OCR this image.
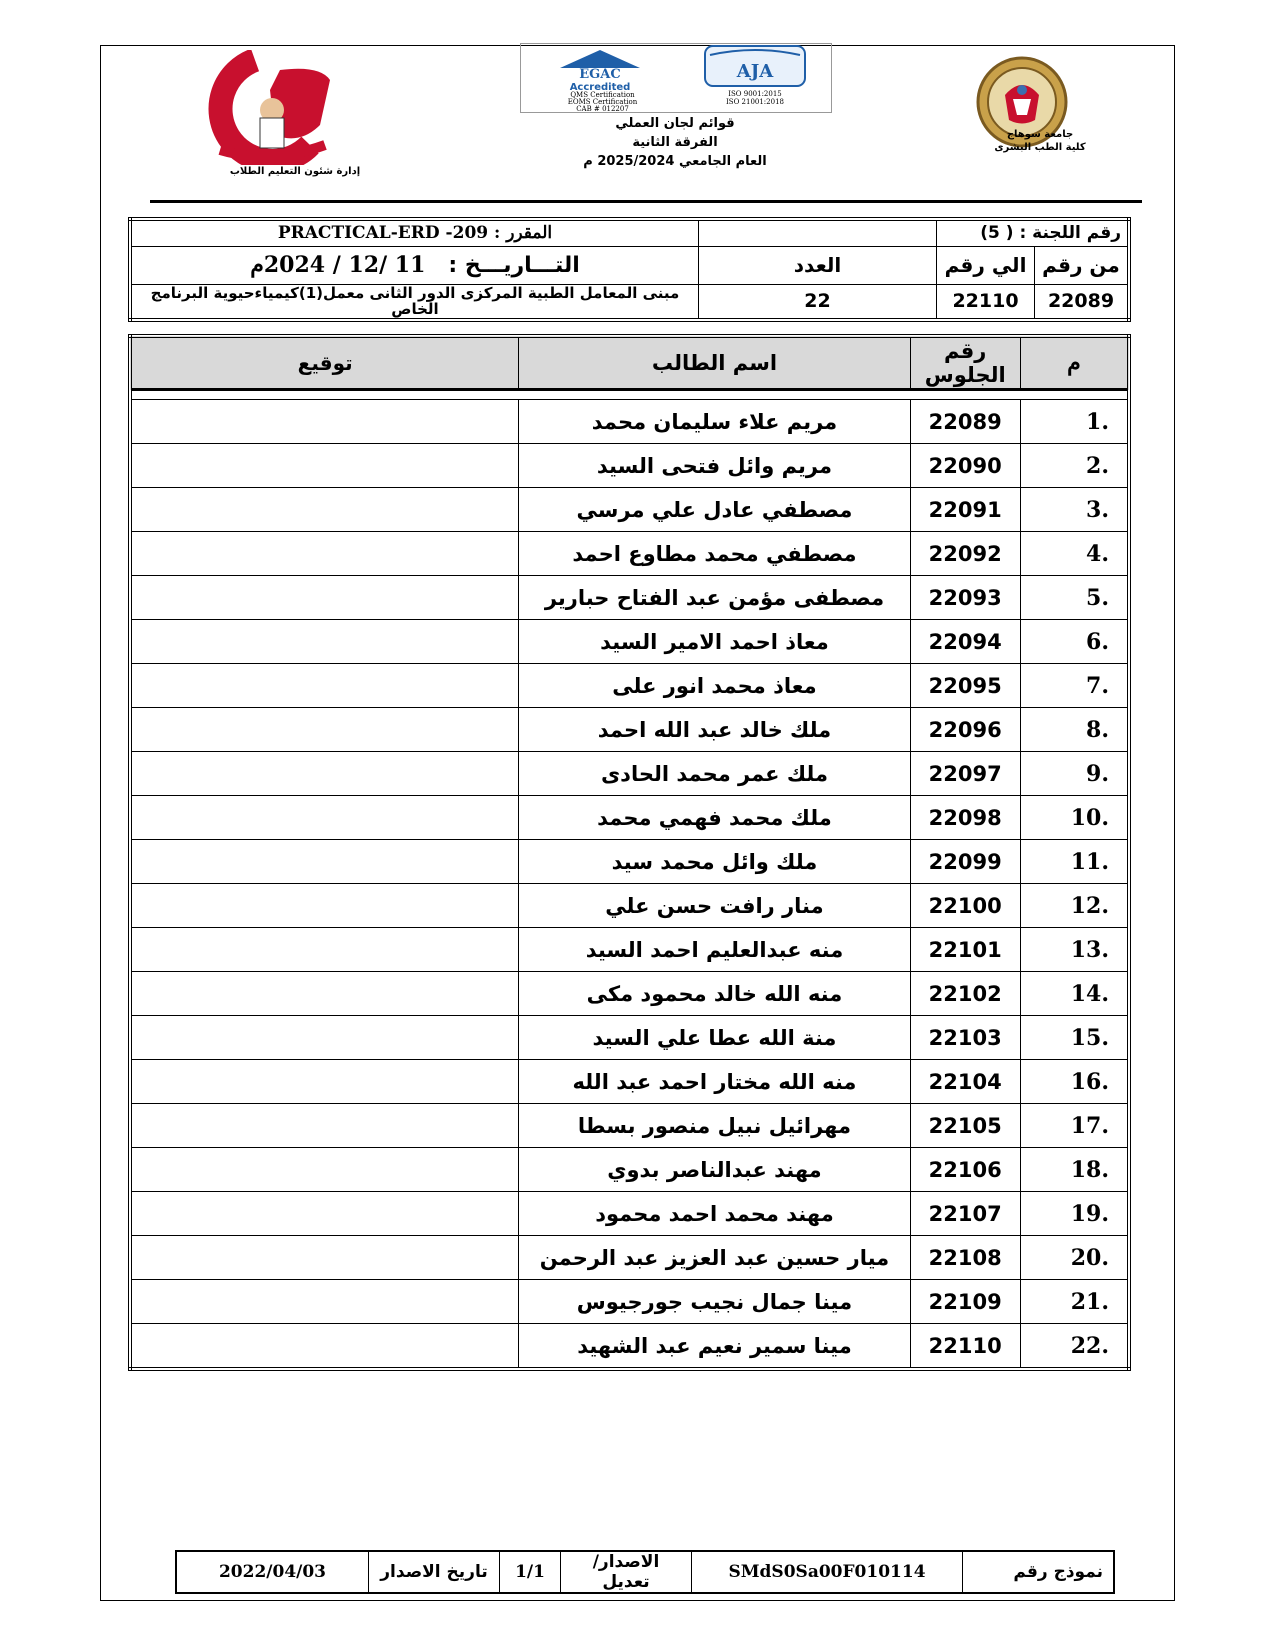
جامعة سوهاج
كلية الطب البشرى
إدارة شئون التعليم الطلاب
EGAC
Accredited
QMS Certification
EOMS Certification
CAB # 012207
AJA
ISO 9001:2015
ISO 21001:2018
قوائم لجان العملي
الفرقة الثانية
العام الجامعي 2025/2024 م
رقم اللجنة : ( 5)			المقرر : 209- PRACTICAL-ERD
من رقم	الي رقم	العدد	التـــاريـــخ :   11 /12 / 2024م
22089	22110	22	مبنى المعامل الطبية المركزى الدور الثانى معمل(1)كيمياءحيوية البرنامج الخاص
م	رقم الجلوس	اسم الطالب	توقيع

1.	22089	مريم علاء سليمان محمد	
2.	22090	مريم وائل فتحى السيد	
3.	22091	مصطفي عادل علي مرسي	
4.	22092	مصطفي محمد مطاوع احمد	
5.	22093	مصطفى مؤمن عبد الفتاح حبارير	
6.	22094	معاذ احمد الامير السيد	
7.	22095	معاذ محمد انور على	
8.	22096	ملك خالد عبد الله احمد	
9.	22097	ملك عمر محمد الحادى	
10.	22098	ملك محمد فهمي محمد	
11.	22099	ملك وائل محمد سيد	
12.	22100	منار رافت حسن علي	
13.	22101	منه عبدالعليم احمد السيد	
14.	22102	منه الله خالد محمود مكى	
15.	22103	منة الله عطا علي السيد	
16.	22104	منه الله مختار احمد عبد الله	
17.	22105	مهرائيل نبيل منصور بسطا	
18.	22106	مهند عبدالناصر بدوي	
19.	22107	مهند محمد احمد محمود	
20.	22108	ميار حسين عبد العزيز عبد الرحمن	
21.	22109	مينا جمال نجيب جورجيوس	
22.	22110	مينا سمير نعيم عبد الشهيد	
نموذج رقم	SMdS0Sa00F010114	الاصدار/تعديل	1/1	تاريخ الاصدار	2022/04/03
